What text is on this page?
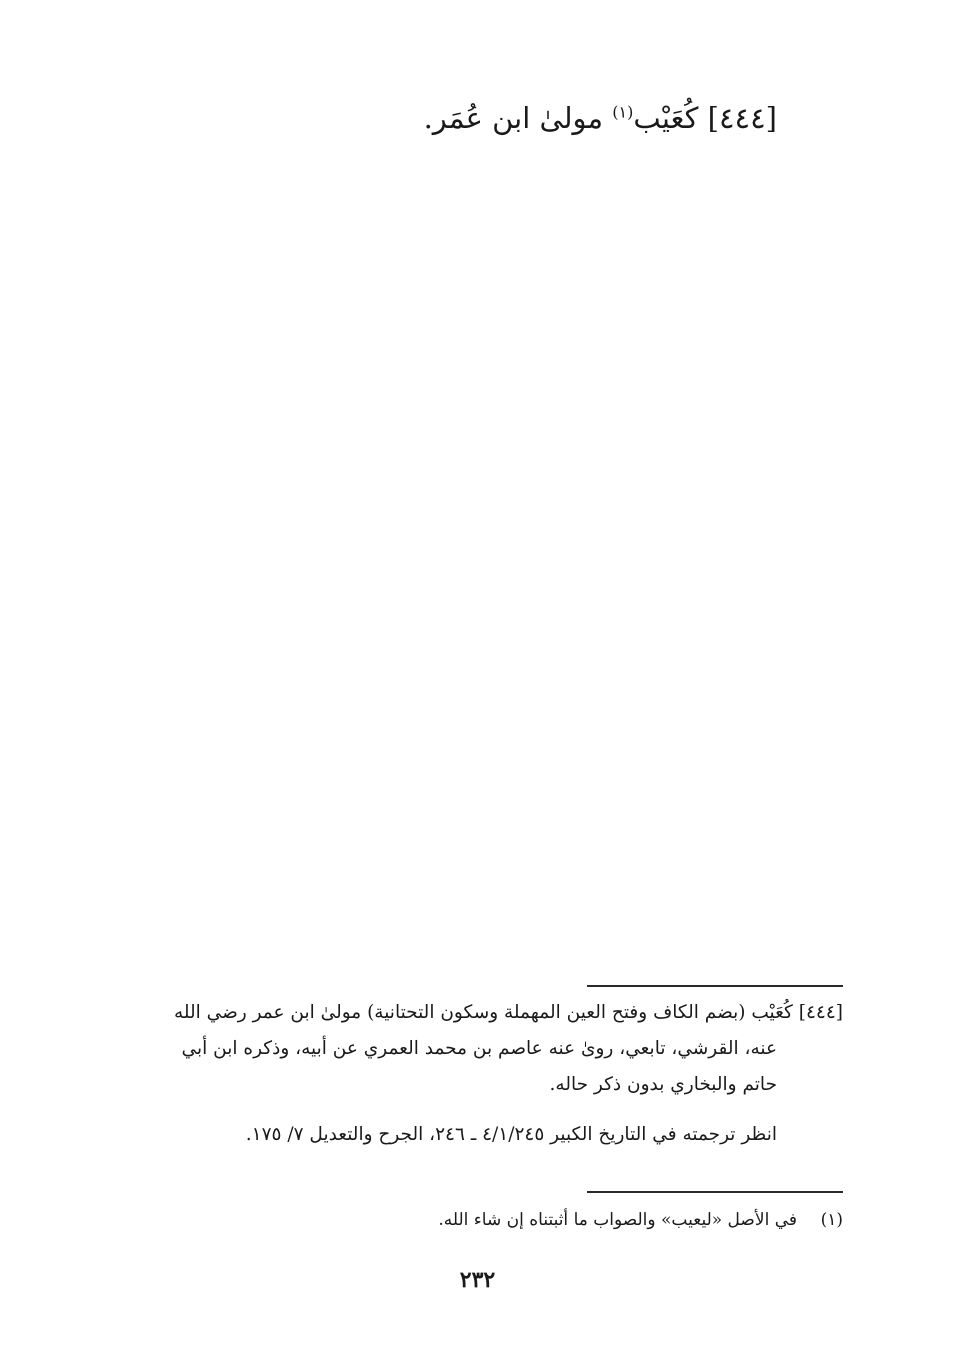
[٤٤٤] كُعَيْب$^{(١)}$ مولىٰ ابن عُمَر.

[٤٤٤] كُعَيْب (بضم الكاف وفتح العين المهملة وسكون التحتانية) مولىٰ ابن عمر رضي الله

عنه، القرشي، تابعي، روىٰ عنه عاصم بن محمد العمري عن أبيه، وذكره ابن أبي

حاتم والبخاري بدون ذكر حاله.

انظر ترجمته في التاريخ الكبير ٤/١/٢٤٥ ـ ٢٤٦، الجرح والتعديل ٧/ ١٧٥.

(١)في الأصل «ليعيب» والصواب ما أثبتناه إن شاء الله.
٢٣٢
